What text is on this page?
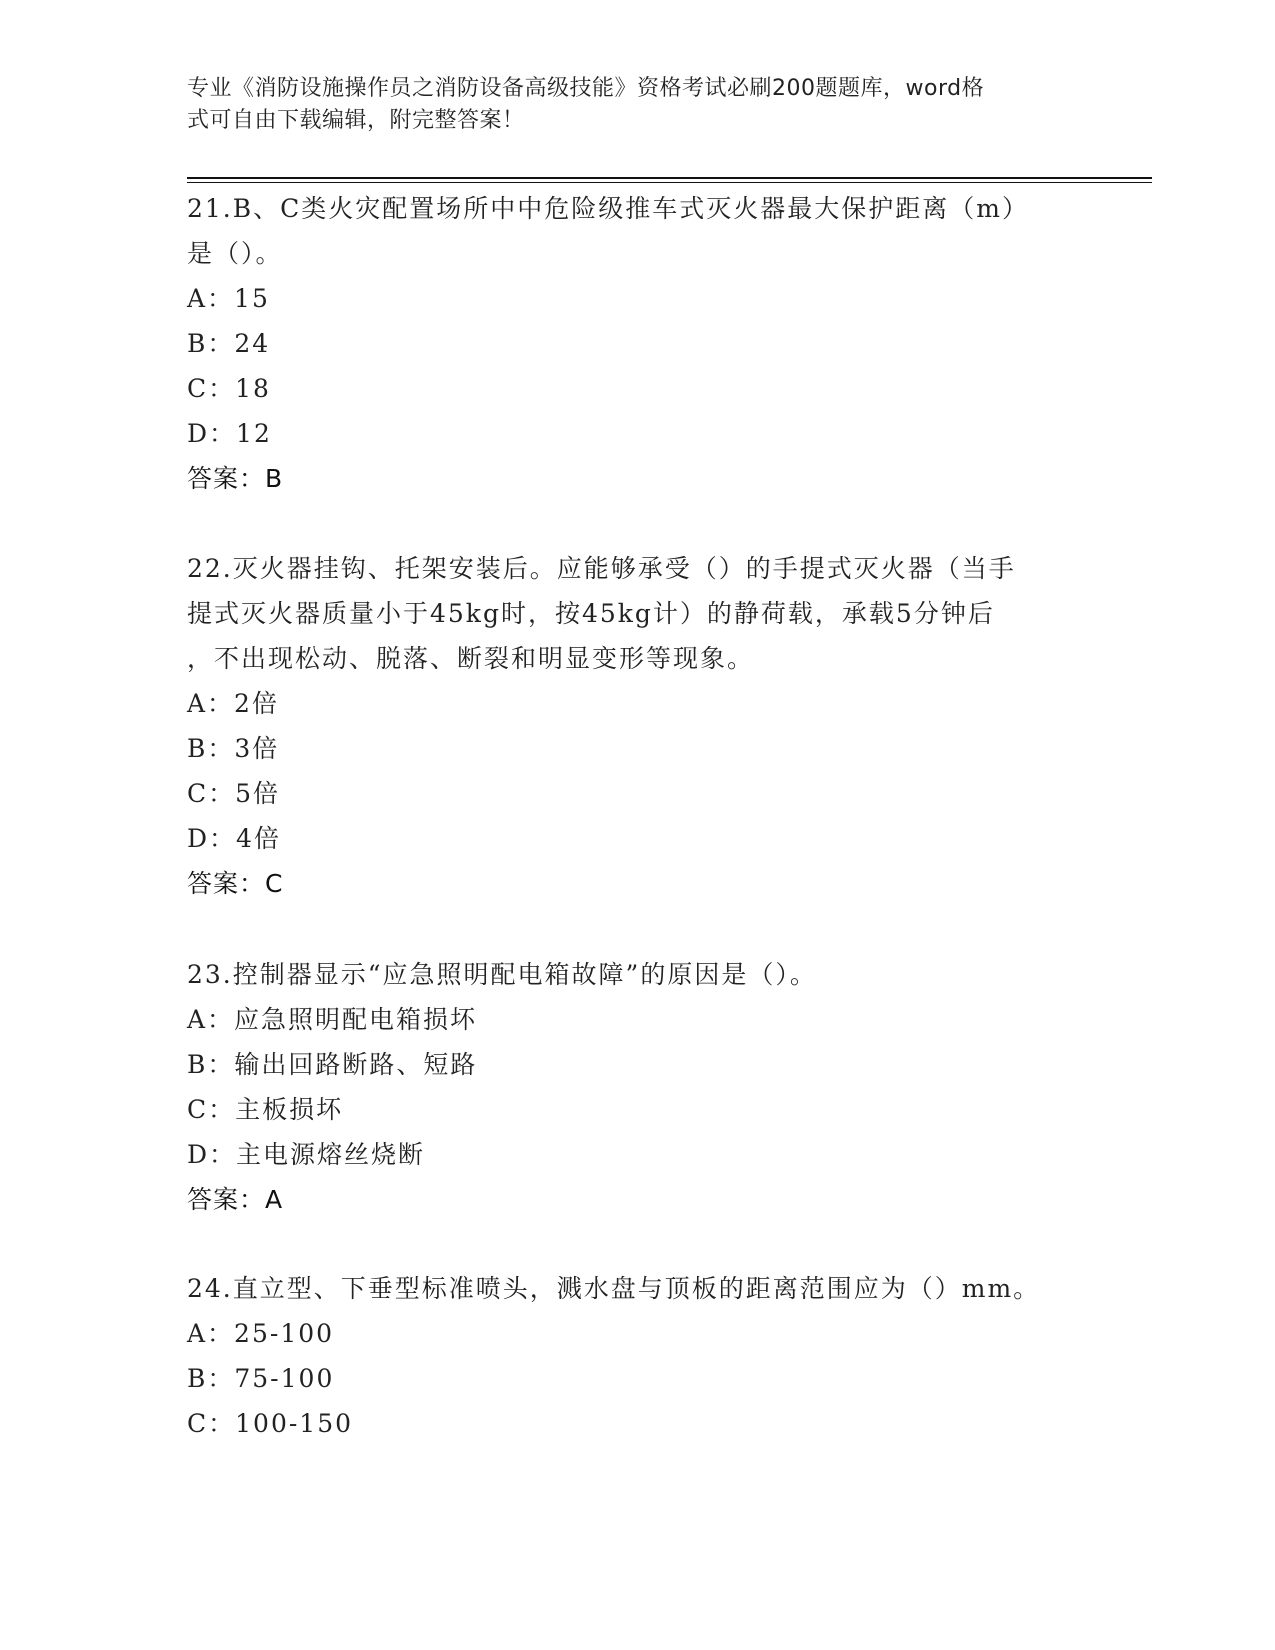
专业《消防设施操作员之消防设备高级技能》资格考试必刷200题题库，word格
式可自由下载编辑，附完整答案！
21.B、C类火灾配置场所中中危险级推车式灭火器最大保护距离（m）
是（）。
A：15
B：24
C：18
D：12
答案：B
22.灭火器挂钩、托架安装后。应能够承受（）的手提式灭火器（当手
提式灭火器质量小于45kg时，按45kg计）的静荷载，承载5分钟后
，不出现松动、脱落、断裂和明显变形等现象。
A：2倍
B：3倍
C：5倍
D：4倍
答案：C
23.控制器显示“应急照明配电箱故障”的原因是（）。
A：应急照明配电箱损坏
B：输出回路断路、短路
C：主板损坏
D：主电源熔丝烧断
答案：A
24.直立型、下垂型标准喷头，溅水盘与顶板的距离范围应为（）mm。
A：25-100
B：75-100
C：100-150
